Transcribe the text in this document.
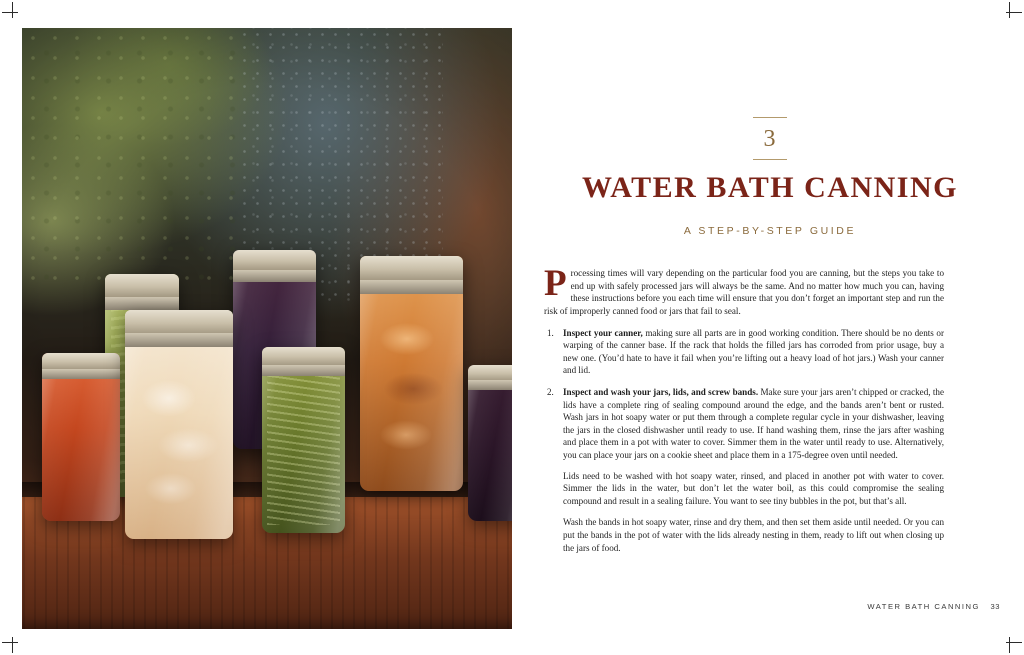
3
WATER BATH CANNING
A STEP-BY-STEP GUIDE

Processing times will vary depending on the particular food you are canning, but the steps you take to end up with safely processed jars will always be the same. And no matter how much you can, having these instructions before you each time will ensure that you don’t forget an important step and run the risk of improperly canned food or jars that fail to seal.

Inspect your canner, making sure all parts are in good working condition. There should be no dents or warping of the canner base. If the rack that holds the filled jars has corroded from prior usage, buy a new one. (You’d hate to have it fail when you’re lifting out a heavy load of hot jars.) Wash your canner and lid.
Inspect and wash your jars, lids, and screw bands. Make sure your jars aren’t chipped or cracked, the lids have a complete ring of sealing compound around the edge, and the bands aren’t bent or rusted. Wash jars in hot soapy water or put them through a complete regular cycle in your dishwasher, leaving the jars in the closed dishwasher until ready to use. If hand washing them, rinse the jars after washing and place them in a pot with water to cover. Simmer them in the water until ready to use. Alternatively, you can place your jars on a cookie sheet and place them in a 175-degree oven until needed.

Lids need to be washed with hot soapy water, rinsed, and placed in another pot with water to cover. Simmer the lids in the water, but don’t let the water boil, as this could compromise the sealing compound and result in a sealing failure. You want to see tiny bubbles in the pot, but that’s all.

Wash the bands in hot soapy water, rinse and dry them, and then set them aside until needed. Or you can put the bands in the pot of water with the lids already nesting in them, ready to lift out when closing up the jars of food.

WATER BATH CANNING 33
